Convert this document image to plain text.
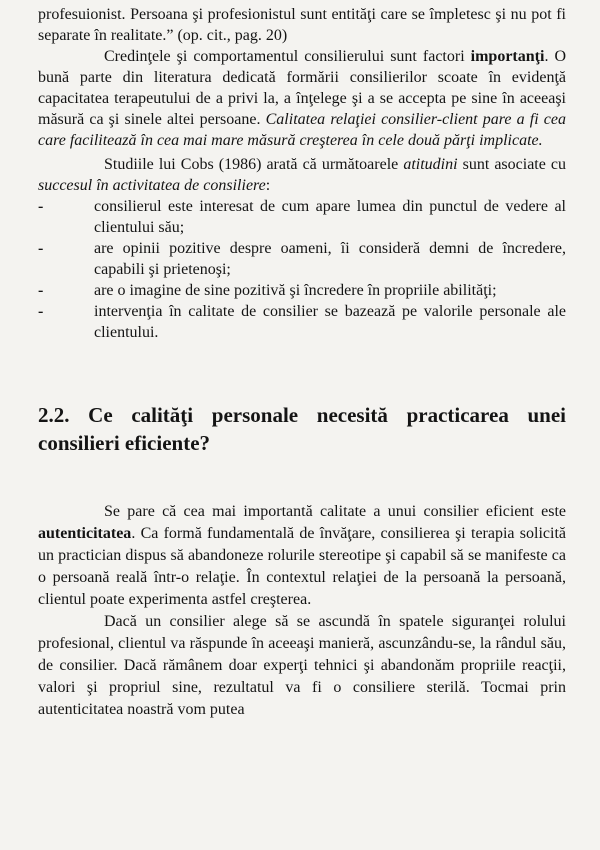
profesuionist. Persoana şi profesionistul sunt entităţi care se împletesc şi nu pot fi separate în realitate.” (op. cit., pag. 20)

Credinţele şi comportamentul consilierului sunt factori importanţi. O bună parte din literatura dedicată formării consilierilor scoate în evidenţă capacitatea terapeutului de a privi la, a înţelege şi a se accepta pe sine în aceeaşi măsură ca şi sinele altei persoane. Calitatea relaţiei consilier-client pare a fi cea care facilitează în cea mai mare măsură creşterea în cele două părţi implicate.

Studiile lui Cobs (1986) arată că următoarele atitudini sunt asociate cu succesul în activitatea de consiliere:

-	consilierul este interesat de cum apare lumea din punctul de vedere al clientului său;
-	are opinii pozitive despre oameni, îi consideră demni de încredere, capabili şi prietenoşi;
-	are o imagine de sine pozitivă şi încredere în propriile abilităţi;
-	intervenţia în calitate de consilier se bazează pe valorile personale ale clientului.
2.2. Ce calităţi personale necesită practicarea unei consilieri eficiente?

Se pare că cea mai importantă calitate a unui consilier eficient este autenticitatea. Ca formă fundamentală de învăţare, consilierea şi terapia solicită un practician dispus să abandoneze rolurile stereotipe şi capabil să se manifeste ca o persoană reală într-o relaţie. În contextul relaţiei de la persoană la persoană, clientul poate experimenta astfel creşterea.

Dacă un consilier alege să se ascundă în spatele siguranţei rolului profesional, clientul va răspunde în aceeaşi manieră, ascunzându-se, la rândul său, de consilier. Dacă rămânem doar experţi tehnici şi abandonăm propriile reacţii, valori şi propriul sine, rezultatul va fi o consiliere sterilă. Tocmai prin autenticitatea noastră vom putea
